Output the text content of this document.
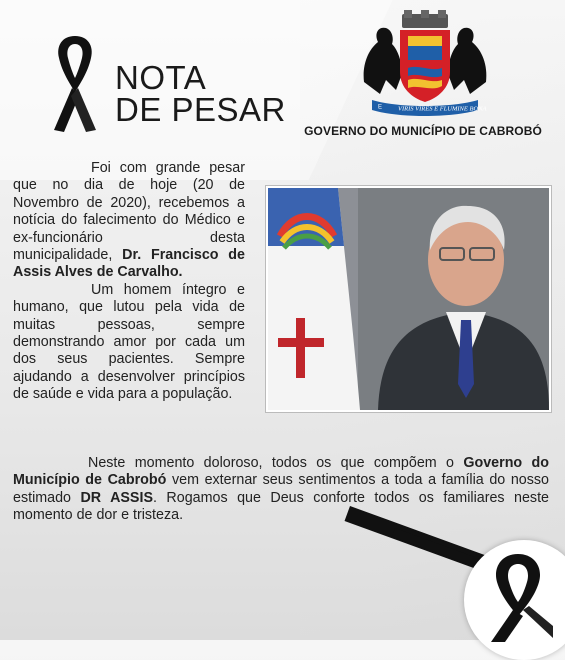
NOTA
DE PESAR	E VIRIS VIRES E FLUMINE BONA
GOVERNO DO MUNICÍPIO DE CABROBÓ

Foi com grande pesar que no dia de hoje (20 de Novembro de 2020), recebemos a notícia do falecimento do Médico e ex-funcionário desta municipalidade, Dr. Francisco de Assis Alves de Carvalho.

Um homem íntegro e humano, que lutou pela vida de muitas pessoas, sempre demonstrando amor por cada um dos seus pacientes. Sempre ajudando a desenvolver princípios de saúde e vida para a população.

Neste momento doloroso, todos os que compõem o Governo do Município de Cabrobó vem externar seus sentimentos a toda a família do nosso estimado DR ASSIS. Rogamos que Deus conforte todos os familiares neste momento de dor e tristeza.
